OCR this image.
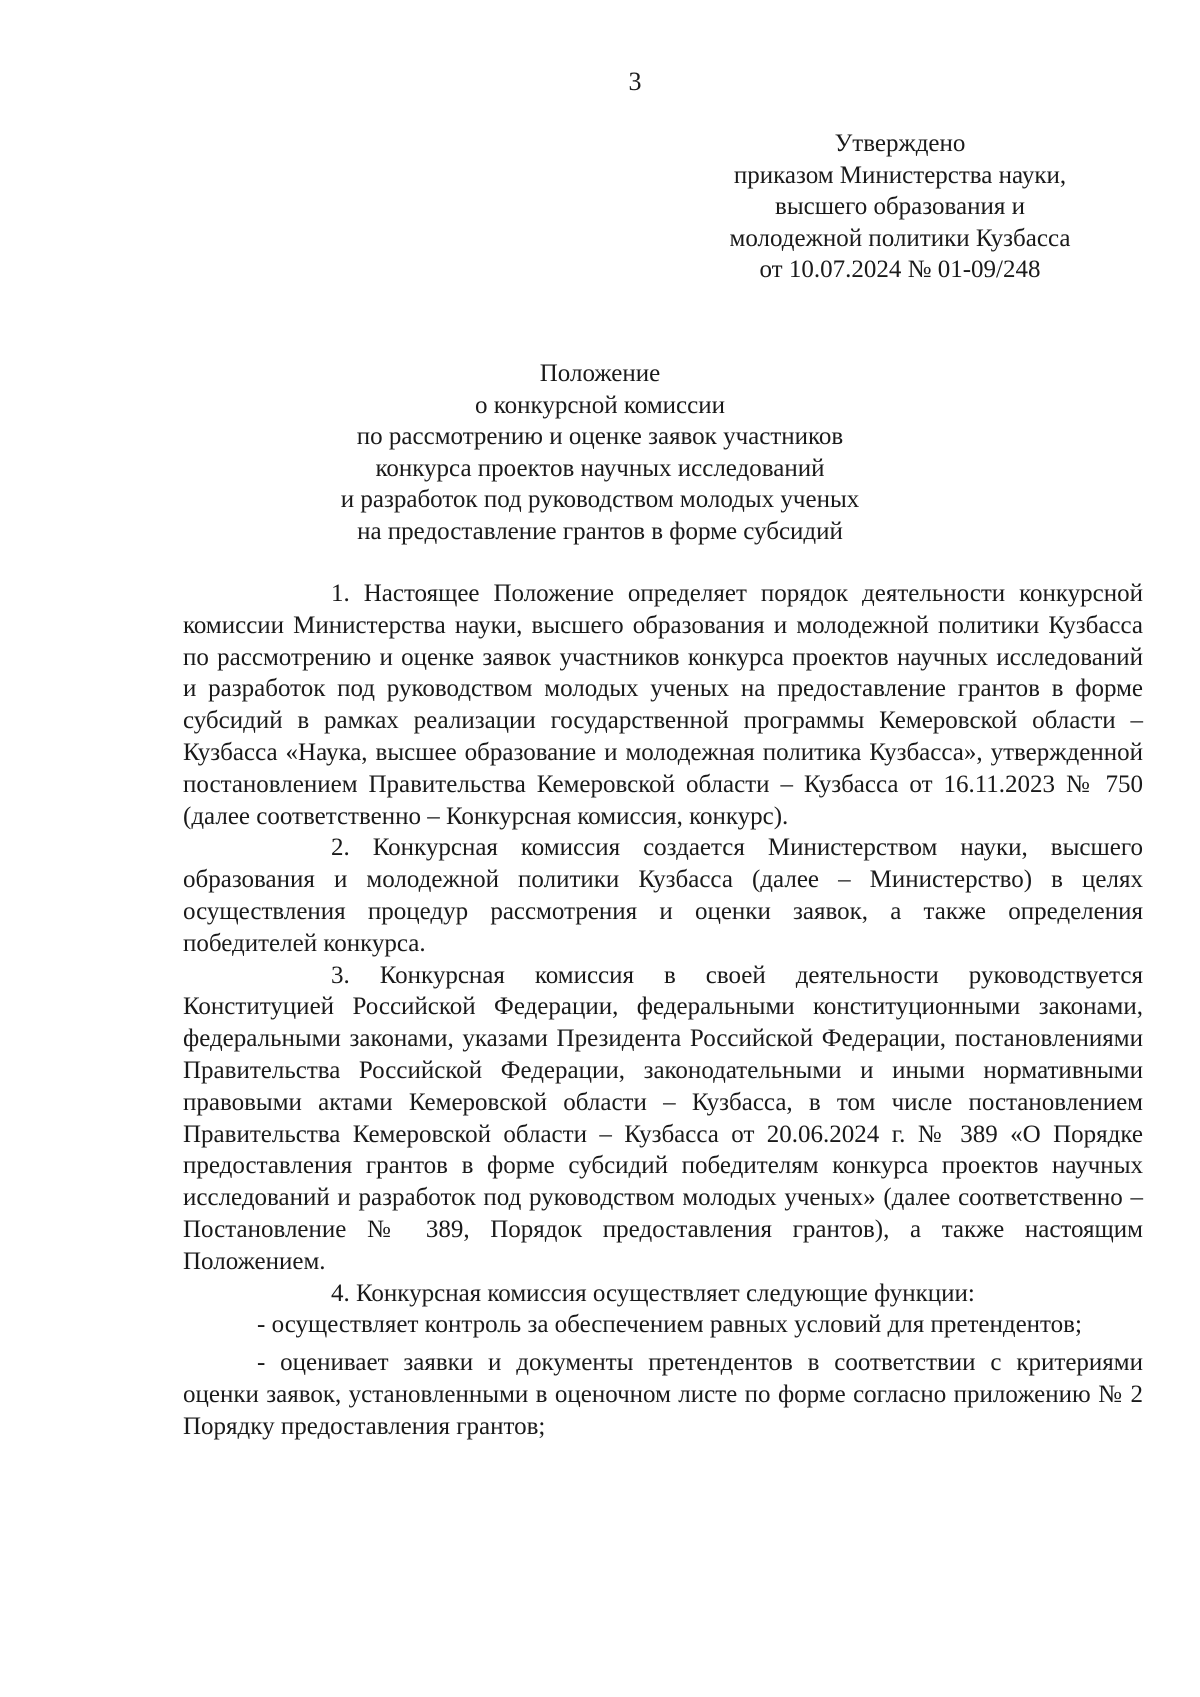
3
Утверждено
приказом Министерства науки,
высшего образования и
молодежной политики Кузбасса
от 10.07.2024 № 01-09/248
Положение
о конкурсной комиссии
по рассмотрению и оценке заявок участников
конкурса проектов научных исследований
и разработок под руководством молодых ученых
на предоставление грантов в форме субсидий

1. Настоящее Положение определяет порядок деятельности конкурсной комиссии Министерства науки, высшего образования и молодежной политики Кузбасса по рассмотрению и оценке заявок участников конкурса проектов научных исследований и разработок под руководством молодых ученых на предоставление грантов в форме субсидий в рамках реализации государственной программы Кемеровской области – Кузбасса «Наука, высшее образование и молодежная политика Кузбасса», утвержденной постановлением Правительства Кемеровской области – Кузбасса от 16.11.2023 № 750 (далее соответственно – Конкурсная комиссия, конкурс).

2. Конкурсная комиссия создается Министерством науки, высшего образования и молодежной политики Кузбасса (далее – Министерство) в целях осуществления процедур рассмотрения и оценки заявок, а также определения победителей конкурса.

3. Конкурсная комиссия в своей деятельности руководствуется Конституцией Российской Федерации, федеральными конституционными законами, федеральными законами, указами Президента Российской Федерации, постановлениями Правительства Российской Федерации, законодательными и иными нормативными правовыми актами Кемеровской области – Кузбасса, в том числе постановлением Правительства Кемеровской области – Кузбасса от 20.06.2024 г. № 389 «О Порядке предоставления грантов в форме субсидий победителям конкурса проектов научных исследований и разработок под руководством молодых ученых» (далее соответственно – Постановление № 389, Порядок предоставления грантов), а также настоящим Положением.

4. Конкурсная комиссия осуществляет следующие функции:

- осуществляет контроль за обеспечением равных условий для претендентов;

- оценивает заявки и документы претендентов в соответствии с критериями оценки заявок, установленными в оценочном листе по форме согласно приложению № 2 Порядку предоставления грантов;
